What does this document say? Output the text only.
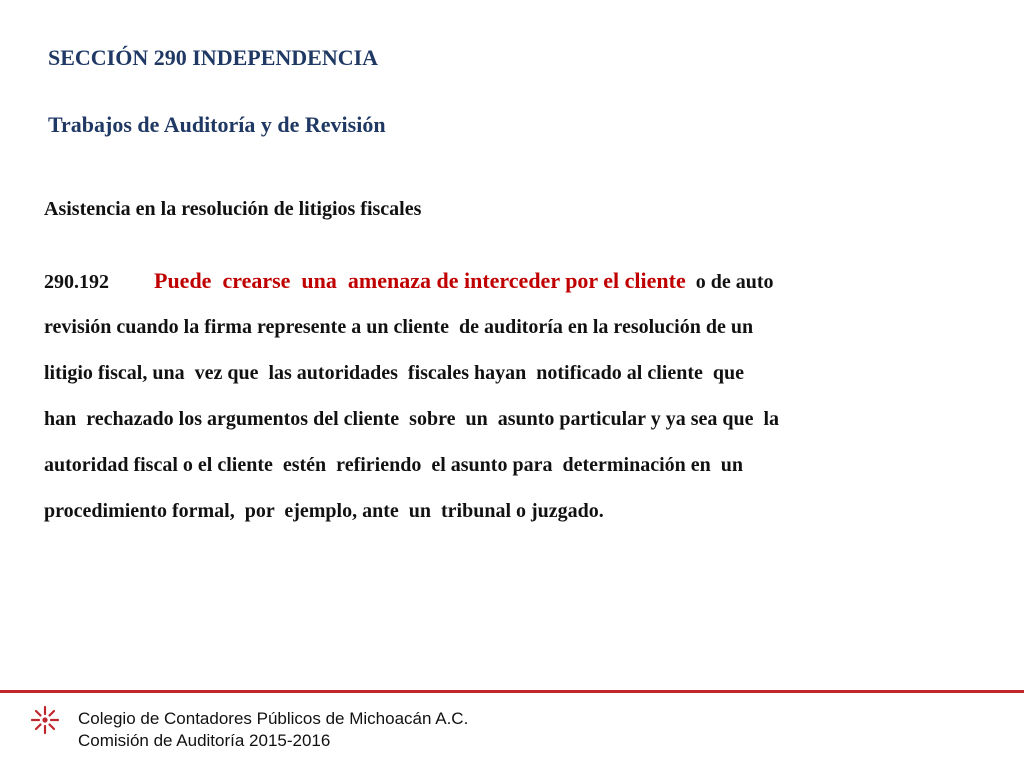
SECCIÓN 290 INDEPENDENCIA
Trabajos de Auditoría y de Revisión

Asistencia en la resolución de litigios fiscales

290.192 Puede  crearse  una  amenaza de interceder por el cliente  o de auto
revisión cuando la firma represente a un cliente  de auditoría en la resolución de un
litigio fiscal, una  vez que  las autoridades  fiscales hayan  notificado al cliente  que
han  rechazado los argumentos del cliente  sobre  un  asunto particular y ya sea que  la
autoridad fiscal o el cliente  estén  refiriendo  el asunto para  determinación en  un
procedimiento formal,  por  ejemplo, ante  un  tribunal o juzgado.
Colegio de Contadores Públicos de Michoacán A.C.
Comisión de Auditoría 2015-2016
